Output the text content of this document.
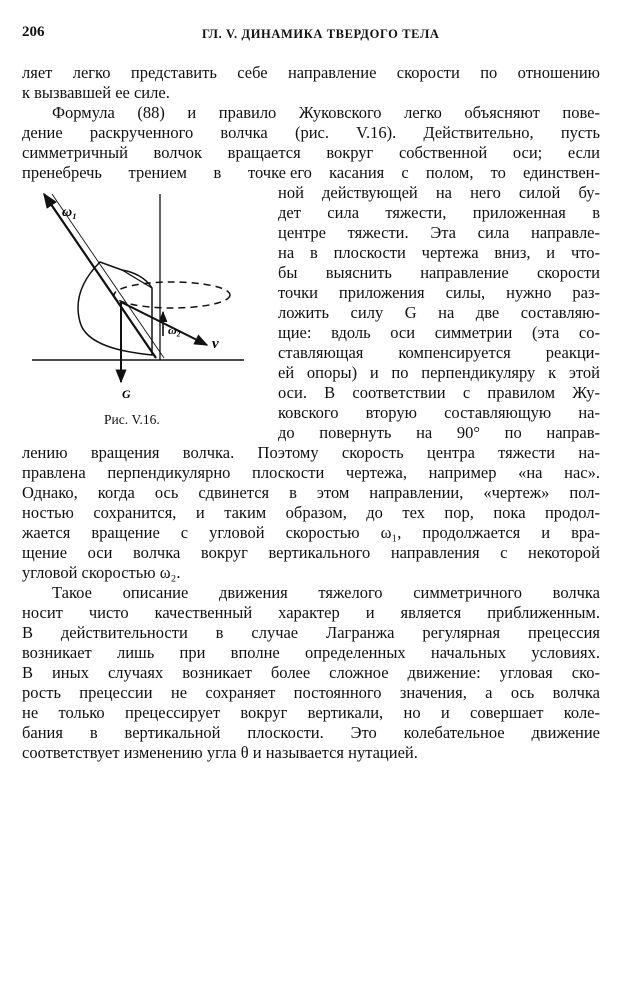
206	ГЛ. V. ДИНАМИКА ТВЕРДОГО ТЕЛА
ляет легко представить себе направление скорости по отношению
к вызвавшей ее силе.
Формула (88) и правило Жуковского легко объясняют пове-
дение раскрученного волчка (рис. V.16). Действительно, пусть
симметричный волчок вращается вокруг собственной оси; если
пренебречь трением в точке его касания с полом, то единствен-
ной действующей на него силой бу-
дет сила тяжести, приложенная в
центре тяжести. Эта сила направле-
на в плоскости чертежа вниз, и что-
бы выяснить направление скорости
точки приложения силы, нужно раз-
ложить силу G на две составляю-
щие: вдоль оси симметрии (эта со-
ставляющая компенсируется реакци-
ей опоры) и по перпендикуляру к этой
оси. В соответствии с правилом Жу-
ковского вторую составляющую на-
до повернуть на 90° по направ-
лению вращения волчка. Поэтому скорость центра тяжести на-
правлена перпендикулярно плоскости чертежа, например «на нас».
Однако, когда ось сдвинется в этом направлении, «чертеж» пол-
ностью сохранится, и таким образом, до тех пор, пока продол-
жается вращение с угловой скоростью ω₁, продолжается и вра-
щение оси волчка вокруг вертикального направления с некоторой
угловой скоростью ω₂.
Такое описание движения тяжелого симметричного волчка
носит чисто качественный характер и является приближенным.
В действительности в случае Лагранжа регулярная прецессия
возникает лишь при вполне определенных начальных условиях.
В иных случаях возникает более сложное движение: угловая ско-
рость прецессии не сохраняет постоянного значения, а ось волчка
не только прецессирует вокруг вертикали, но и совершает коле-
бания в вертикальной плоскости. Это колебательное движение
соответствует изменению угла θ и называется нутацией.
ω₁
ω₂
v
G
Рис. V.16.
